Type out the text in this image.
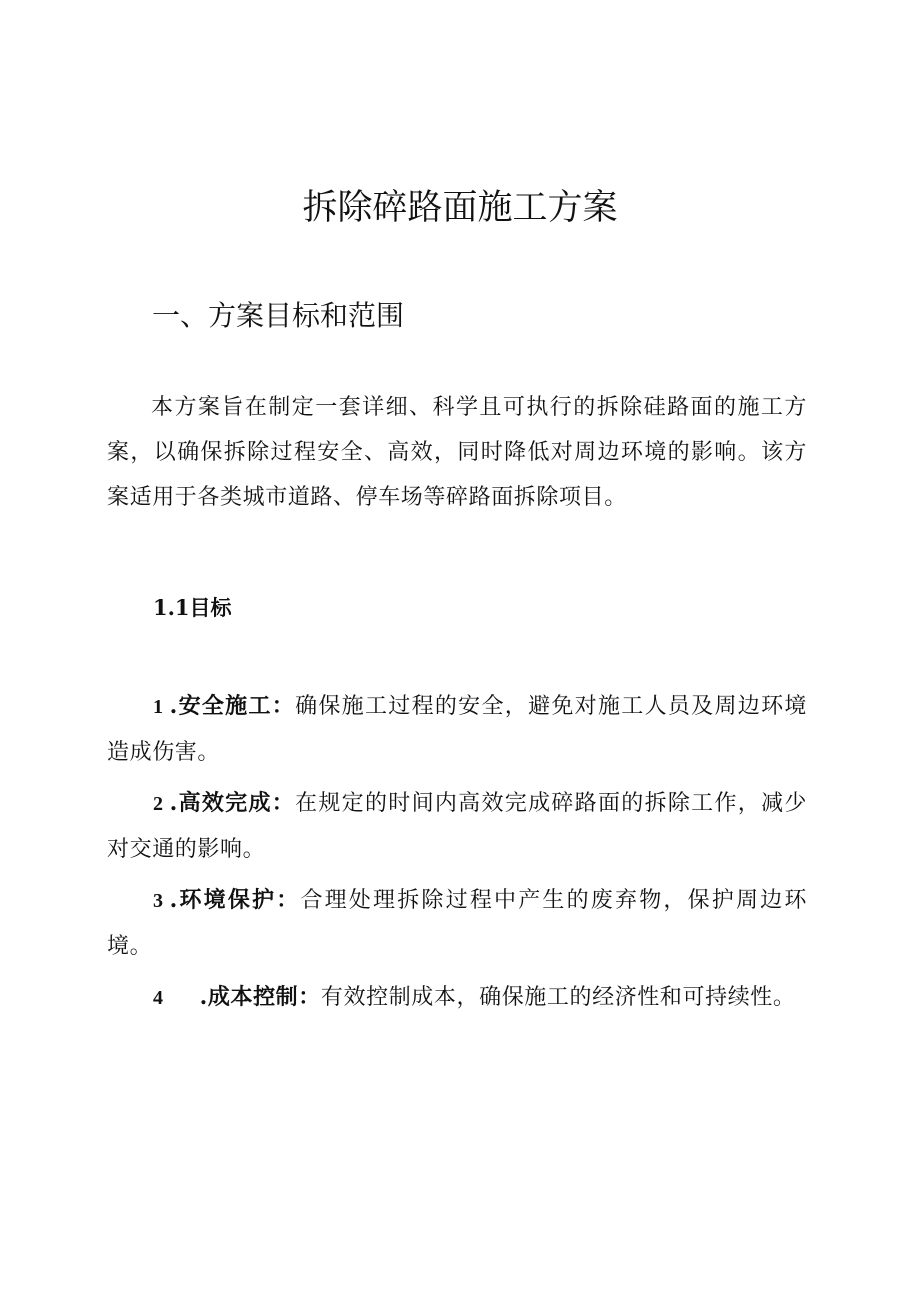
拆除碎路面施工方案
一、方案目标和范围

本方案旨在制定一套详细、科学且可执行的拆除硅路面的施工方案，以确保拆除过程安全、高效，同时降低对周边环境的影响。该方案适用于各类城市道路、停车场等碎路面拆除项目。

1.1目标
1 .安全施工：确保施工过程的安全，避免对施工人员及周边环境造成伤害。
2 .高效完成：在规定的时间内高效完成碎路面的拆除工作，减少对交通的影响。
3 .环境保护：合理处理拆除过程中产生的废弃物，保护周边环境。
4 .成本控制：有效控制成本，确保施工的经济性和可持续性。
